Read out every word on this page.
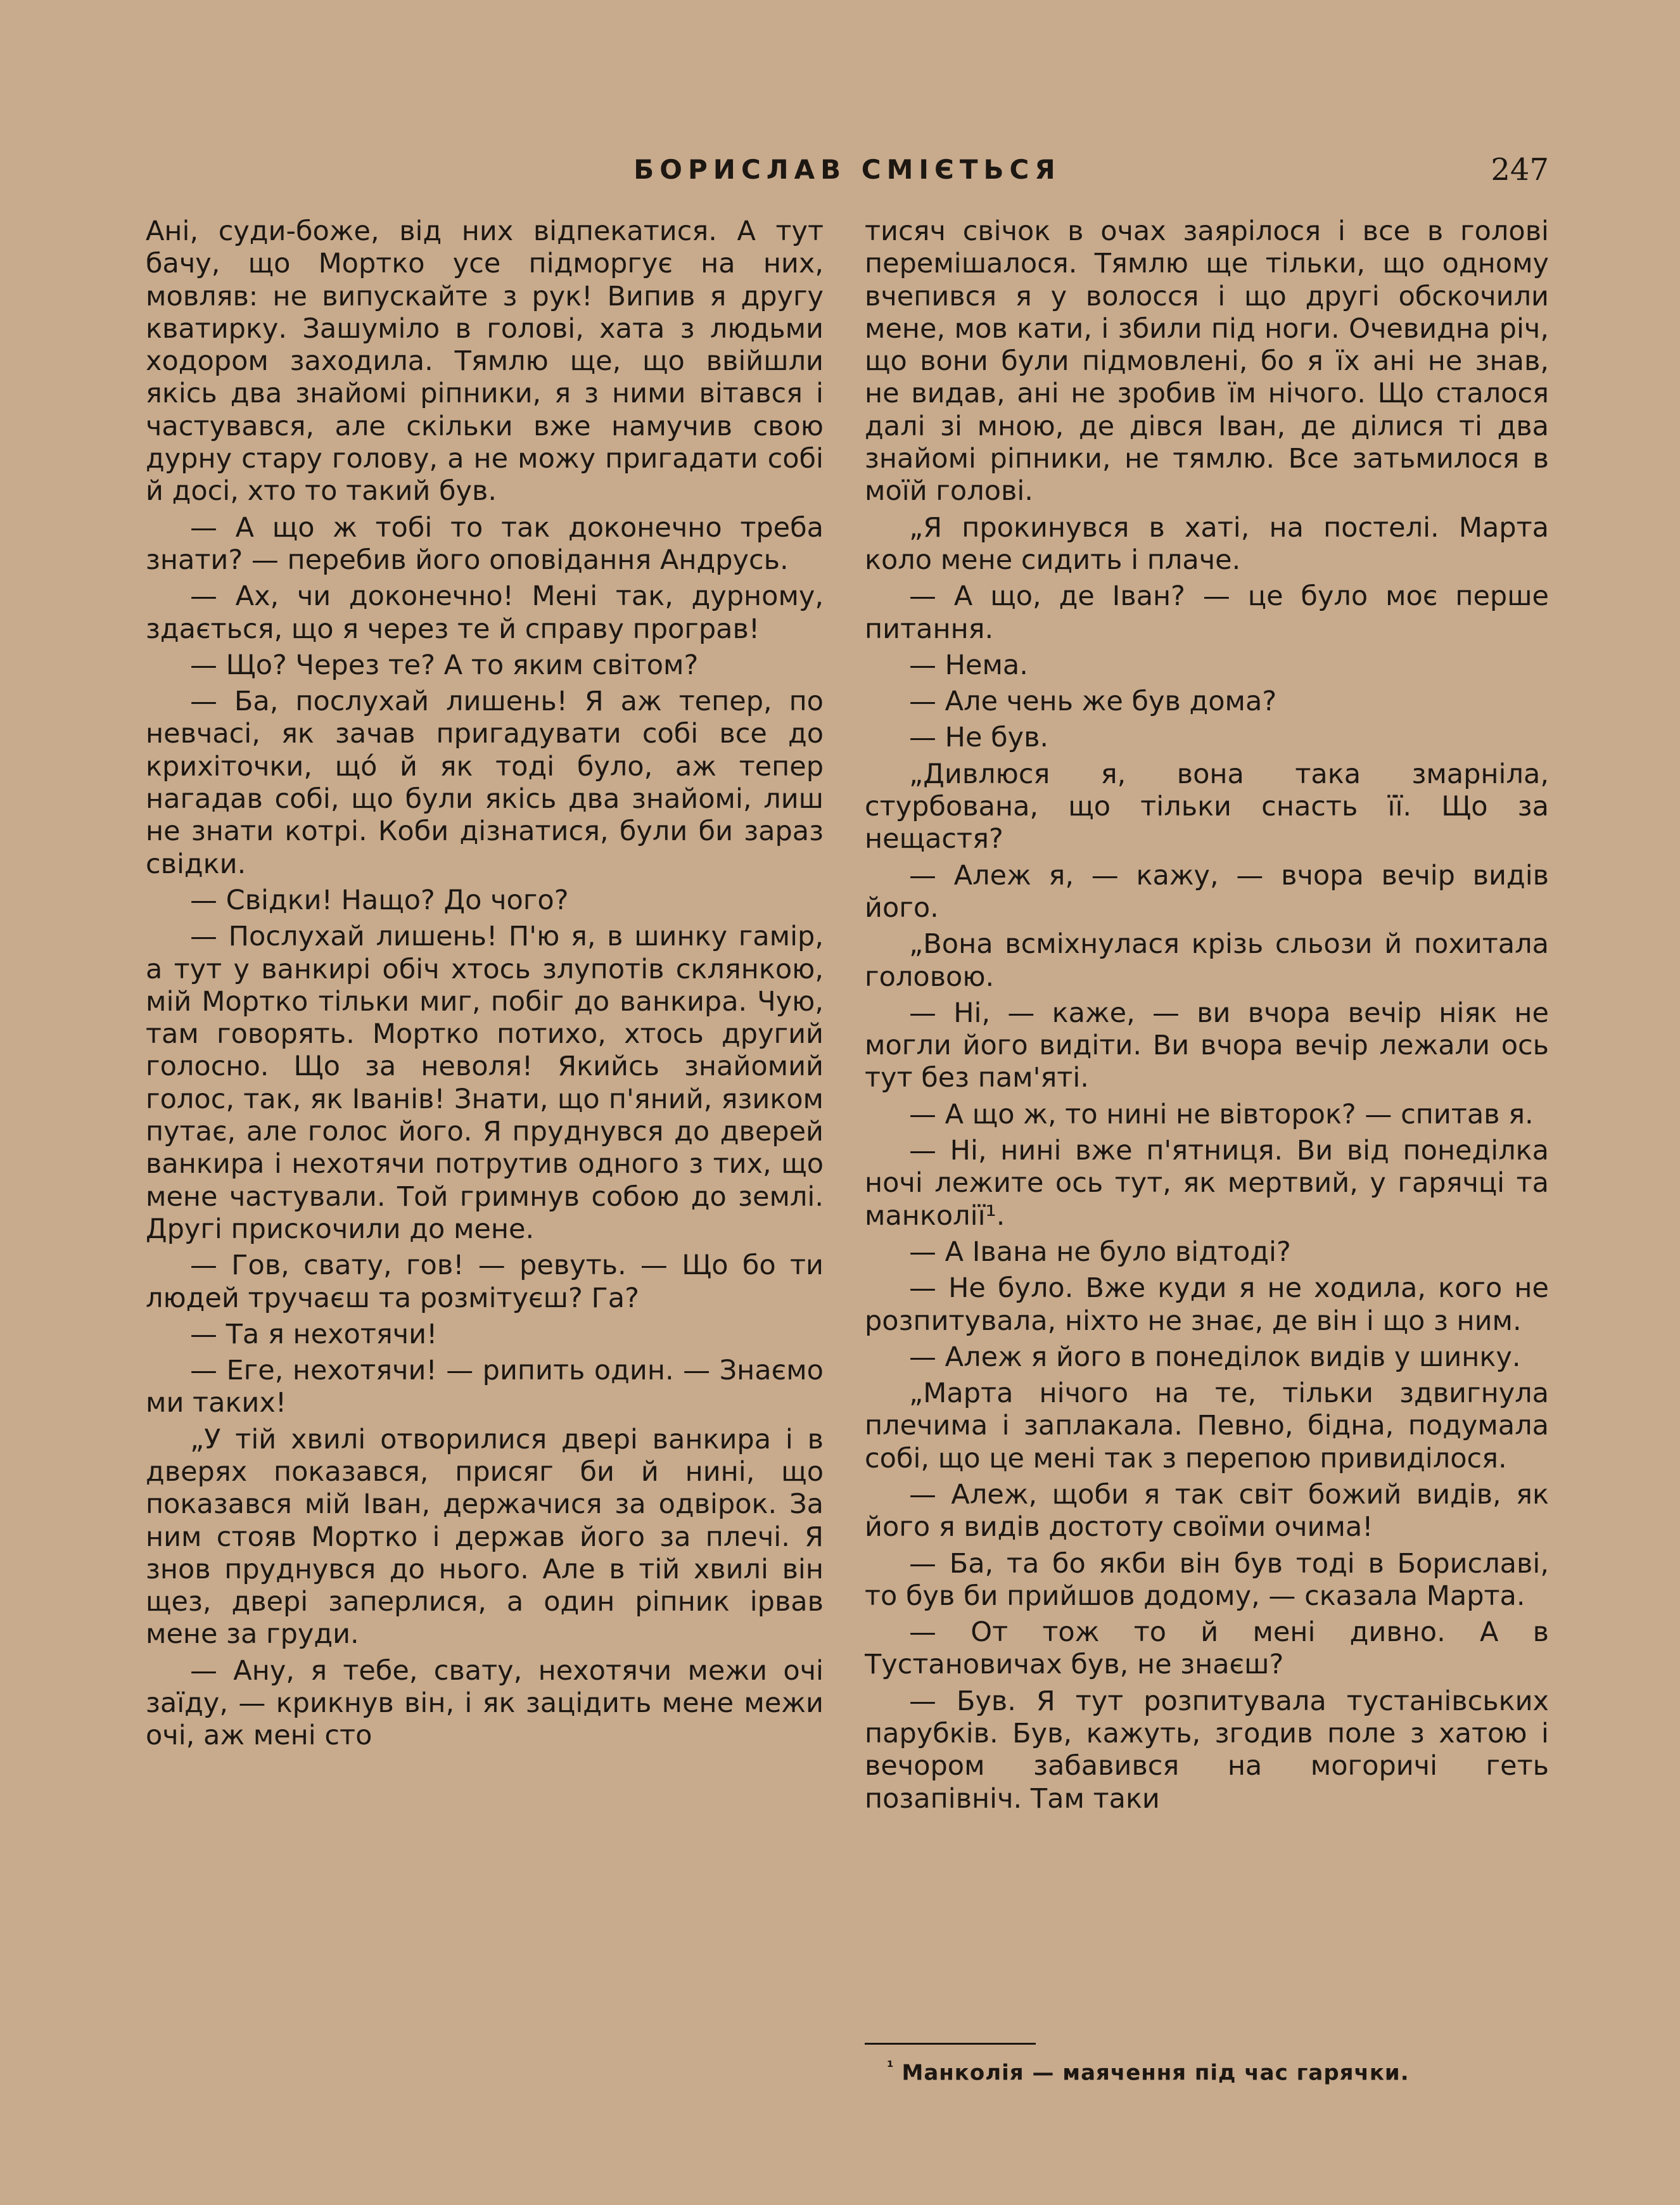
БОРИСЛАВ СМІЄТЬСЯ	247

Ані, суди-боже, від них відпекатися. А тут бачу, що Мортко усе підморгує на них, мовляв: не випускайте з рук! Випив я другу кватирку. Зашуміло в голові, хата з людьми ходором заходила. Тямлю ще, що ввійшли якісь два знайомі ріпники, я з ними вітався і частувався, але скільки вже намучив свою дурну стару голову, а не можу пригадати собі й досі, хто то такий був.

— А що ж тобі то так доконечно треба знати? — перебив його оповідання Андрусь.

— Ах, чи доконечно! Мені так, дурному, здається, що я через те й справу програв!

— Що? Через те? А то яким світом?

— Ба, послухай лишень! Я аж тепер, по невчасі, як зачав пригадувати собі все до крихіточки, щó й як тоді було, аж тепер нагадав собі, що були якісь два знайомі, лиш не знати котрі. Коби дізнатися, були би зараз свідки.

— Свідки! Нащо? До чого?

— Послухай лишень! П'ю я, в шинку гамір, а тут у ванкирі обіч хтось злупотів склянкою, мій Мортко тільки миг, побіг до ванкира. Чую, там говорять. Мортко потихо, хтось другий голосно. Що за неволя! Якийсь знайомий голос, так, як Іванів! Знати, що п'яний, язиком путає, але голос його. Я пруднувся до дверей ванкира і нехотячи потрутив одного з тих, що мене частували. Той гримнув собою до землі. Другі прискочили до мене.

— Гов, свату, гов! — ревуть. — Що бо ти людей тручаєш та розмітуєш? Га?

— Та я нехотячи!

— Еге, нехотячи! — рипить один. — Знаємо ми таких!

„У тій хвилі отворилися двері ванкира і в дверях показався, присяг би й нині, що показався мій Іван, держачися за одвірок. За ним стояв Мортко і держав його за плечі. Я знов пруднувся до нього. Але в тій хвилі він щез, двері заперлися, а один ріпник ірвав мене за груди.

— Ану, я тебе, свату, нехотячи межи очі заїду, — крикнув він, і як зацідить мене межи очі, аж мені сто

тисяч свічок в очах заярілося і все в голові перемішалося. Тямлю ще тільки, що одному вчепився я у волосся і що другі обскочили мене, мов кати, і збили під ноги. Очевидна річ, що вони були підмовлені, бо я їх ані не знав, не видав, ані не зробив їм нічого. Що сталося далі зі мною, де дівся Іван, де ділися ті два знайомі ріпники, не тямлю. Все затьмилося в моїй голові.

„Я прокинувся в хаті, на постелі. Марта коло мене сидить і плаче.

— А що, де Іван? — це було моє перше питання.

— Нема.

— Але чень же був дома?

— Не був.

„Дивлюся я, вона така змарніла, стурбована, що тільки снасть її. Що за нещастя?

— Алеж я, — кажу, — вчора вечір видів його.

„Вона всміхнулася крізь сльози й похитала головою.

— Ні, — каже, — ви вчора вечір ніяк не могли його видіти. Ви вчора вечір лежали ось тут без пам'яті.

— А що ж, то нині не вівторок? — спитав я.

— Ні, нині вже п'ятниця. Ви від понеділка ночі лежите ось тут, як мертвий, у гарячці та манколії¹.

— А Івана не було відтоді?

— Не було. Вже куди я не ходила, кого не розпитувала, ніхто не знає, де він і що з ним.

— Алеж я його в понеділок видів у шинку.

„Марта нічого на те, тільки здвигнула плечима і заплакала. Певно, бідна, подумала собі, що це мені так з перепою привиділося.

— Алеж, щоби я так світ божий видів, як його я видів достоту своїми очима!

— Ба, та бо якби він був тоді в Бориславі, то був би прийшов додому, — сказала Марта.

— От тож то й мені дивно. А в Тустановичах був, не знаєш?

— Був. Я тут розпитувала тустанівських парубків. Був, кажуть, згодив поле з хатою і вечором забавився на могоричі геть позапівніч. Там таки

$^{^1}$ Манколія — маячення під час гарячки.
